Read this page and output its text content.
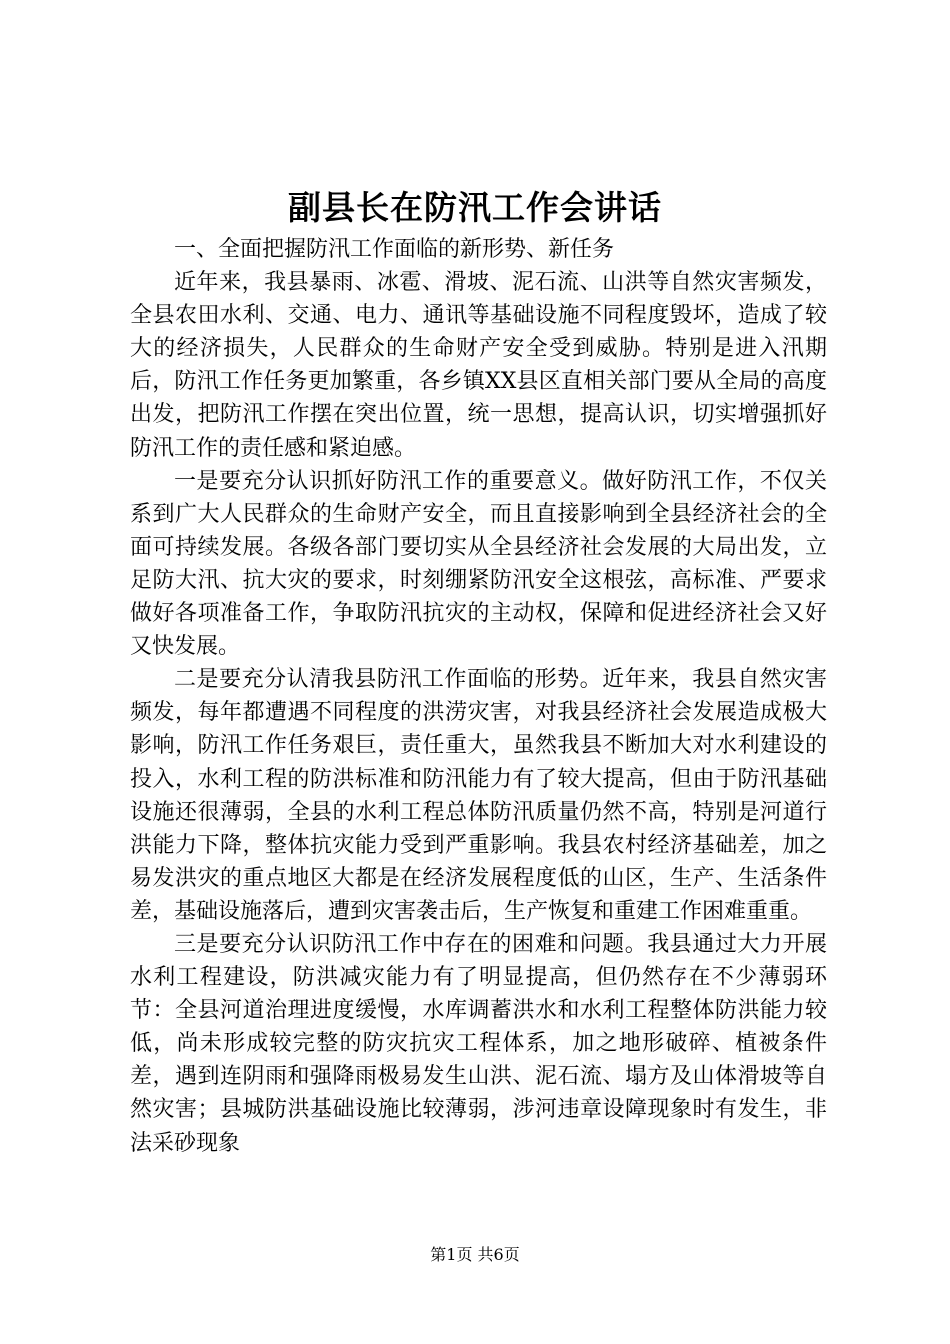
副县长在防汛工作会讲话

一、全面把握防汛工作面临的新形势、新任务

近年来，我县暴雨、冰雹、滑坡、泥石流、山洪等自然灾害频发，全县农田水利、交通、电力、通讯等基础设施不同程度毁坏，造成了较大的经济损失，人民群众的生命财产安全受到威胁。特别是进入汛期后，防汛工作任务更加繁重，各乡镇XX县区直相关部门要从全局的高度出发，把防汛工作摆在突出位置，统一思想，提高认识，切实增强抓好防汛工作的责任感和紧迫感。

一是要充分认识抓好防汛工作的重要意义。做好防汛工作，不仅关系到广大人民群众的生命财产安全，而且直接影响到全县经济社会的全面可持续发展。各级各部门要切实从全县经济社会发展的大局出发，立足防大汛、抗大灾的要求，时刻绷紧防汛安全这根弦，高标准、严要求做好各项准备工作，争取防汛抗灾的主动权，保障和促进经济社会又好又快发展。

二是要充分认清我县防汛工作面临的形势。近年来，我县自然灾害频发，每年都遭遇不同程度的洪涝灾害，对我县经济社会发展造成极大影响，防汛工作任务艰巨，责任重大，虽然我县不断加大对水利建设的投入，水利工程的防洪标准和防汛能力有了较大提高，但由于防汛基础设施还很薄弱，全县的水利工程总体防汛质量仍然不高，特别是河道行洪能力下降，整体抗灾能力受到严重影响。我县农村经济基础差，加之易发洪灾的重点地区大都是在经济发展程度低的山区，生产、生活条件差，基础设施落后，遭到灾害袭击后，生产恢复和重建工作困难重重。

三是要充分认识防汛工作中存在的困难和问题。我县通过大力开展水利工程建设，防洪减灾能力有了明显提高，但仍然存在不少薄弱环节：全县河道治理进度缓慢，水库调蓄洪水和水利工程整体防洪能力较低，尚未形成较完整的防灾抗灾工程体系，加之地形破碎、植被条件差，遇到连阴雨和强降雨极易发生山洪、泥石流、塌方及山体滑坡等自然灾害；县城防洪基础设施比较薄弱，涉河违章设障现象时有发生，非法采砂现象

第1页 共6页
